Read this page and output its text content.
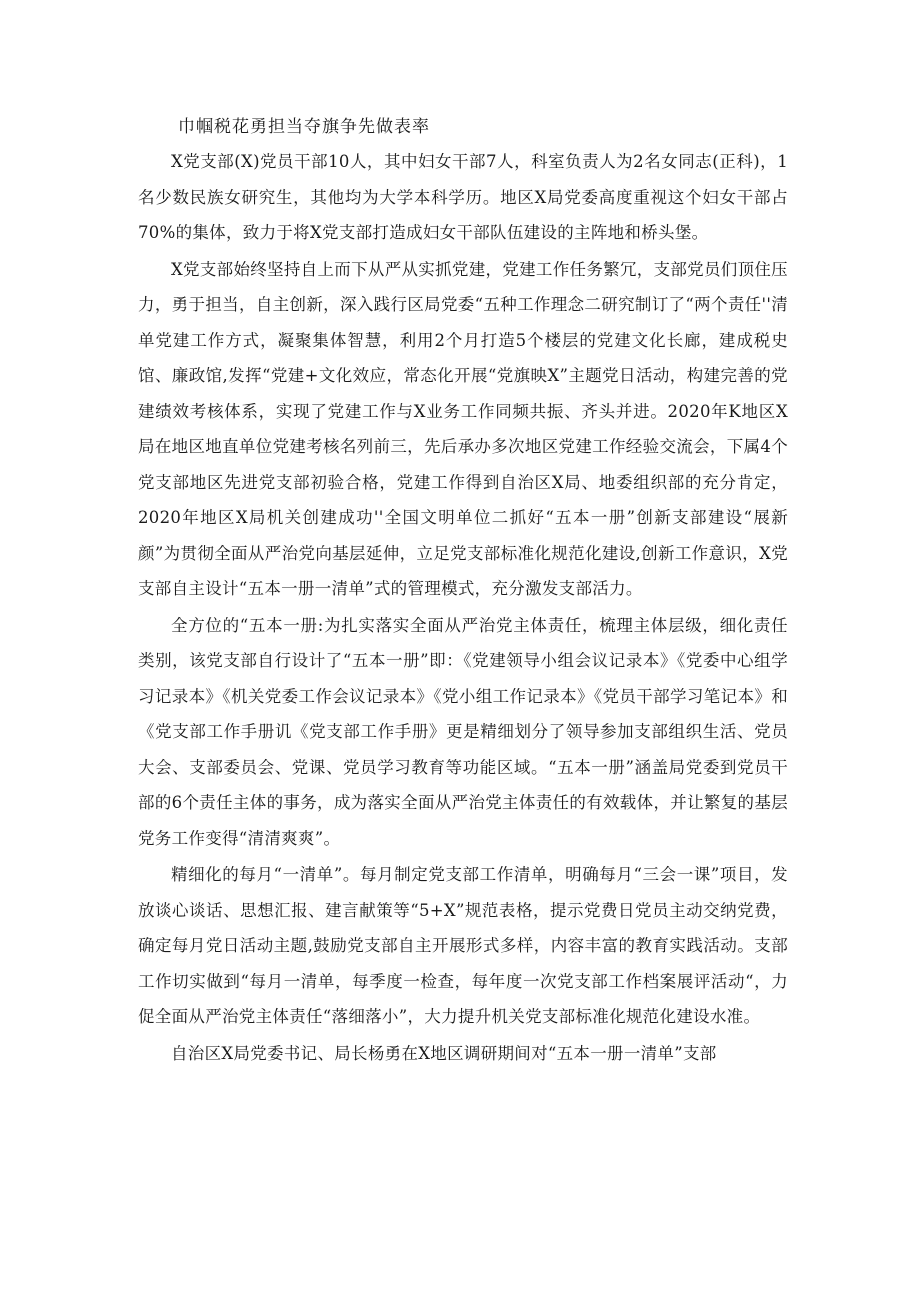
巾帼税花勇担当夺旗争先做表率

X党支部(X)党员干部10人，其中妇女干部7人，科室负责人为2名女同志(正科)，1名少数民族女研究生，其他均为大学本科学历。地区X局党委高度重视这个妇女干部占70%的集体，致力于将X党支部打造成妇女干部队伍建设的主阵地和桥头堡。

X党支部始终坚持自上而下从严从实抓党建，党建工作任务繁冗，支部党员们顶住压力，勇于担当，自主创新，深入践行区局党委“五种工作理念二研究制订了“两个责任''清单党建工作方式，凝聚集体智慧，利用2个月打造5个楼层的党建文化长廊，建成税史馆、廉政馆,发挥“党建+文化效应，常态化开展“党旗映X”主题党日活动，构建完善的党建绩效考核体系，实现了党建工作与X业务工作同频共振、齐头并进。2020年K地区X局在地区地直单位党建考核名列前三，先后承办多次地区党建工作经验交流会，下属4个党支部地区先进党支部初验合格，党建工作得到自治区X局、地委组织部的充分肯定，2020年地区X局机关创建成功''全国文明单位二抓好“五本一册”创新支部建设“展新颜”为贯彻全面从严治党向基层延伸，立足党支部标准化规范化建设,创新工作意识，X党支部自主设计“五本一册一清单”式的管理模式，充分激发支部活力。

全方位的“五本一册:为扎实落实全面从严治党主体责任，梳理主体层级，细化责任类别，该党支部自行设计了“五本一册”即：《党建领导小组会议记录本》《党委中心组学习记录本》《机关党委工作会议记录本》《党小组工作记录本》《党员干部学习笔记本》和《党支部工作手册讥《党支部工作手册》更是精细划分了领导参加支部组织生活、党员大会、支部委员会、党课、党员学习教育等功能区域。“五本一册”涵盖局党委到党员干部的6个责任主体的事务，成为落实全面从严治党主体责任的有效载体，并让繁复的基层党务工作变得“清清爽爽”。

精细化的每月“一清单”。每月制定党支部工作清单，明确每月“三会一课”项目，发放谈心谈话、思想汇报、建言献策等“5+X”规范表格，提示党费日党员主动交纳党费，确定每月党日活动主题,鼓励党支部自主开展形式多样，内容丰富的教育实践活动。支部工作切实做到“每月一清单，每季度一检查，每年度一次党支部工作档案展评活动“，力促全面从严治党主体责任“落细落小”，大力提升机关党支部标准化规范化建设水准。

自治区X局党委书记、局长杨勇在X地区调研期间对“五本一册一清单”支部
